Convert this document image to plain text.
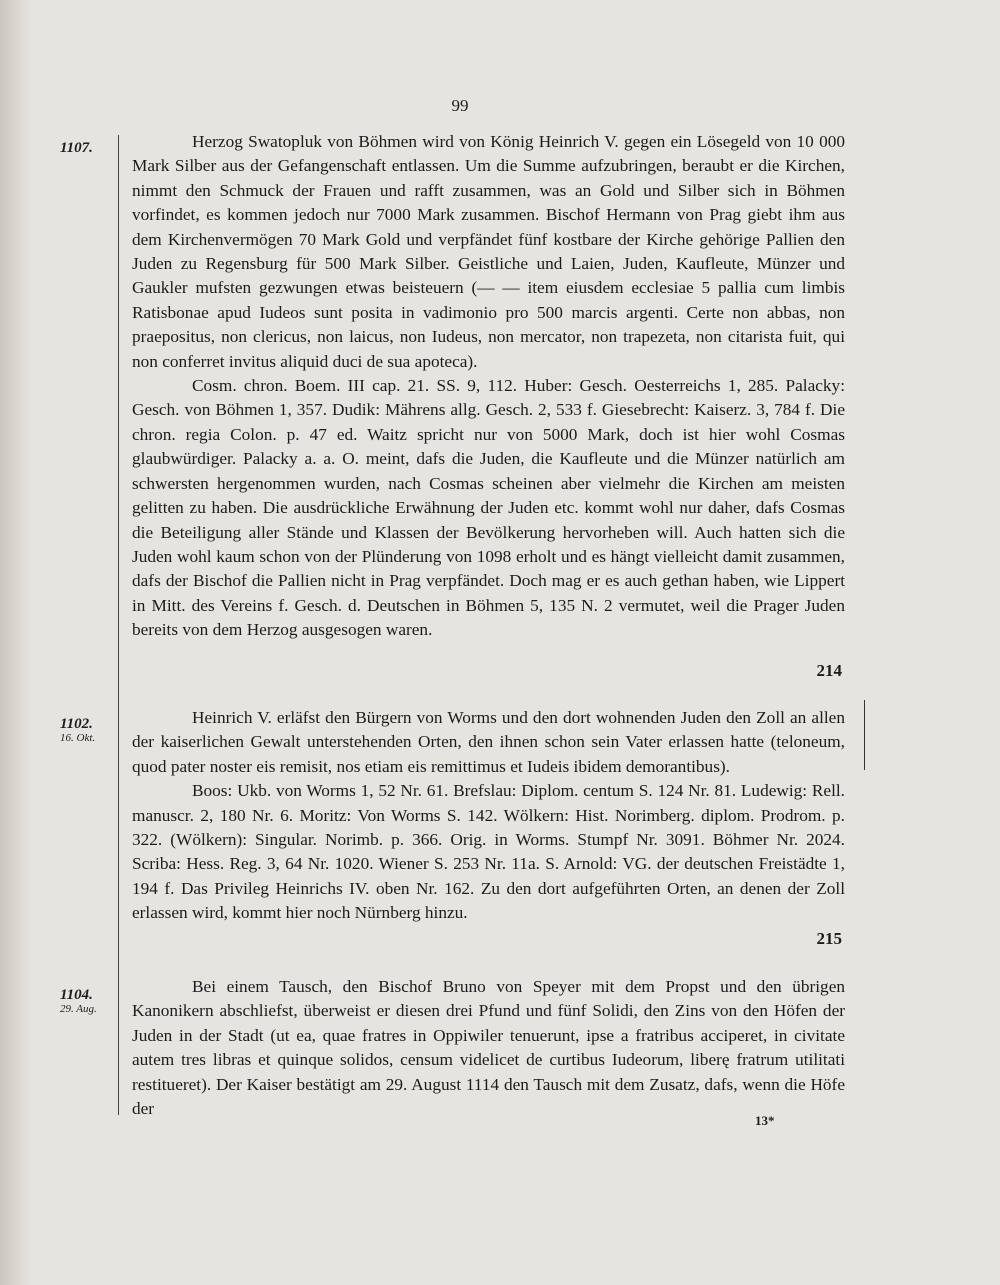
99
1107.	Herzog Swatopluk von Böhmen wird von König Heinrich V. gegen ein Lösegeld von 10 000 Mark Silber aus der Gefangenschaft entlassen. Um die Summe aufzubringen, beraubt er die Kirchen, nimmt den Schmuck der Frauen und rafft zusammen, was an Gold und Silber sich in Böhmen vorfindet, es kommen jedoch nur 7000 Mark zusammen. Bischof Hermann von Prag giebt ihm aus dem Kirchenvermögen 70 Mark Gold und verpfändet fünf kostbare der Kirche gehörige Pallien den Juden zu Regensburg für 500 Mark Silber. Geistliche und Laien, Juden, Kaufleute, Münzer und Gaukler mufsten gezwungen etwas beisteuern (— — item eiusdem ecclesiae 5 pallia cum limbis Ratisbonae apud Iudeos sunt posita in vadimonio pro 500 marcis argenti. Certe non abbas, non praepositus, non clericus, non laicus, non Iudeus, non mercator, non trapezeta, non citarista fuit, qui non conferret invitus aliquid duci de sua apoteca).

Cosm. chron. Boem. III cap. 21. SS. 9, 112. Huber: Gesch. Oesterreichs 1, 285. Palacky: Gesch. von Böhmen 1, 357. Dudik: Mährens allg. Gesch. 2, 533 f. Giesebrecht: Kaiserz. 3, 784 f. Die chron. regia Colon. p. 47 ed. Waitz spricht nur von 5000 Mark, doch ist hier wohl Cosmas glaubwürdiger. Palacky a. a. O. meint, dafs die Juden, die Kaufleute und die Münzer natürlich am schwersten hergenommen wurden, nach Cosmas scheinen aber vielmehr die Kirchen am meisten gelitten zu haben. Die ausdrückliche Erwähnung der Juden etc. kommt wohl nur daher, dafs Cosmas die Beteiligung aller Stände und Klassen der Bevölkerung hervorheben will. Auch hatten sich die Juden wohl kaum schon von der Plünderung von 1098 erholt und es hängt vielleicht damit zusammen, dafs der Bischof die Pallien nicht in Prag verpfändet. Doch mag er es auch gethan haben, wie Lippert in Mitt. des Vereins f. Gesch. d. Deutschen in Böhmen 5, 135 N. 2 vermutet, weil die Prager Juden bereits von dem Herzog ausgesogen waren.

214
1102.
16. Okt.

Heinrich V. erläfst den Bürgern von Worms und den dort wohnenden Juden den Zoll an allen der kaiserlichen Gewalt unterstehenden Orten, den ihnen schon sein Vater erlassen hatte (teloneum, quod pater noster eis remisit, nos etiam eis remittimus et Iudeis ibidem demorantibus).

Boos: Ukb. von Worms 1, 52 Nr. 61. Brefslau: Diplom. centum S. 124 Nr. 81. Ludewig: Rell. manuscr. 2, 180 Nr. 6. Moritz: Von Worms S. 142. Wölkern: Hist. Norimberg. diplom. Prodrom. p. 322. (Wölkern): Singular. Norimb. p. 366. Orig. in Worms. Stumpf Nr. 3091. Böhmer Nr. 2024. Scriba: Hess. Reg. 3, 64 Nr. 1020. Wiener S. 253 Nr. 11a. S. Arnold: VG. der deutschen Freistädte 1, 194 f. Das Privileg Heinrichs IV. oben Nr. 162. Zu den dort aufgeführten Orten, an denen der Zoll erlassen wird, kommt hier noch Nürnberg hinzu.

215
1104.
29. Aug.

Bei einem Tausch, den Bischof Bruno von Speyer mit dem Propst und den übrigen Kanonikern abschliefst, überweist er diesen drei Pfund und fünf Solidi, den Zins von den Höfen der Juden in der Stadt (ut ea, quae fratres in Oppiwiler tenuerunt, ipse a fratribus acciperet, in civitate autem tres libras et quinque solidos, censum videlicet de curtibus Iudeorum, liberę fratrum utilitati restitueret). Der Kaiser bestätigt am 29. August 1114 den Tausch mit dem Zusatz, dafs, wenn die Höfe der

13*
